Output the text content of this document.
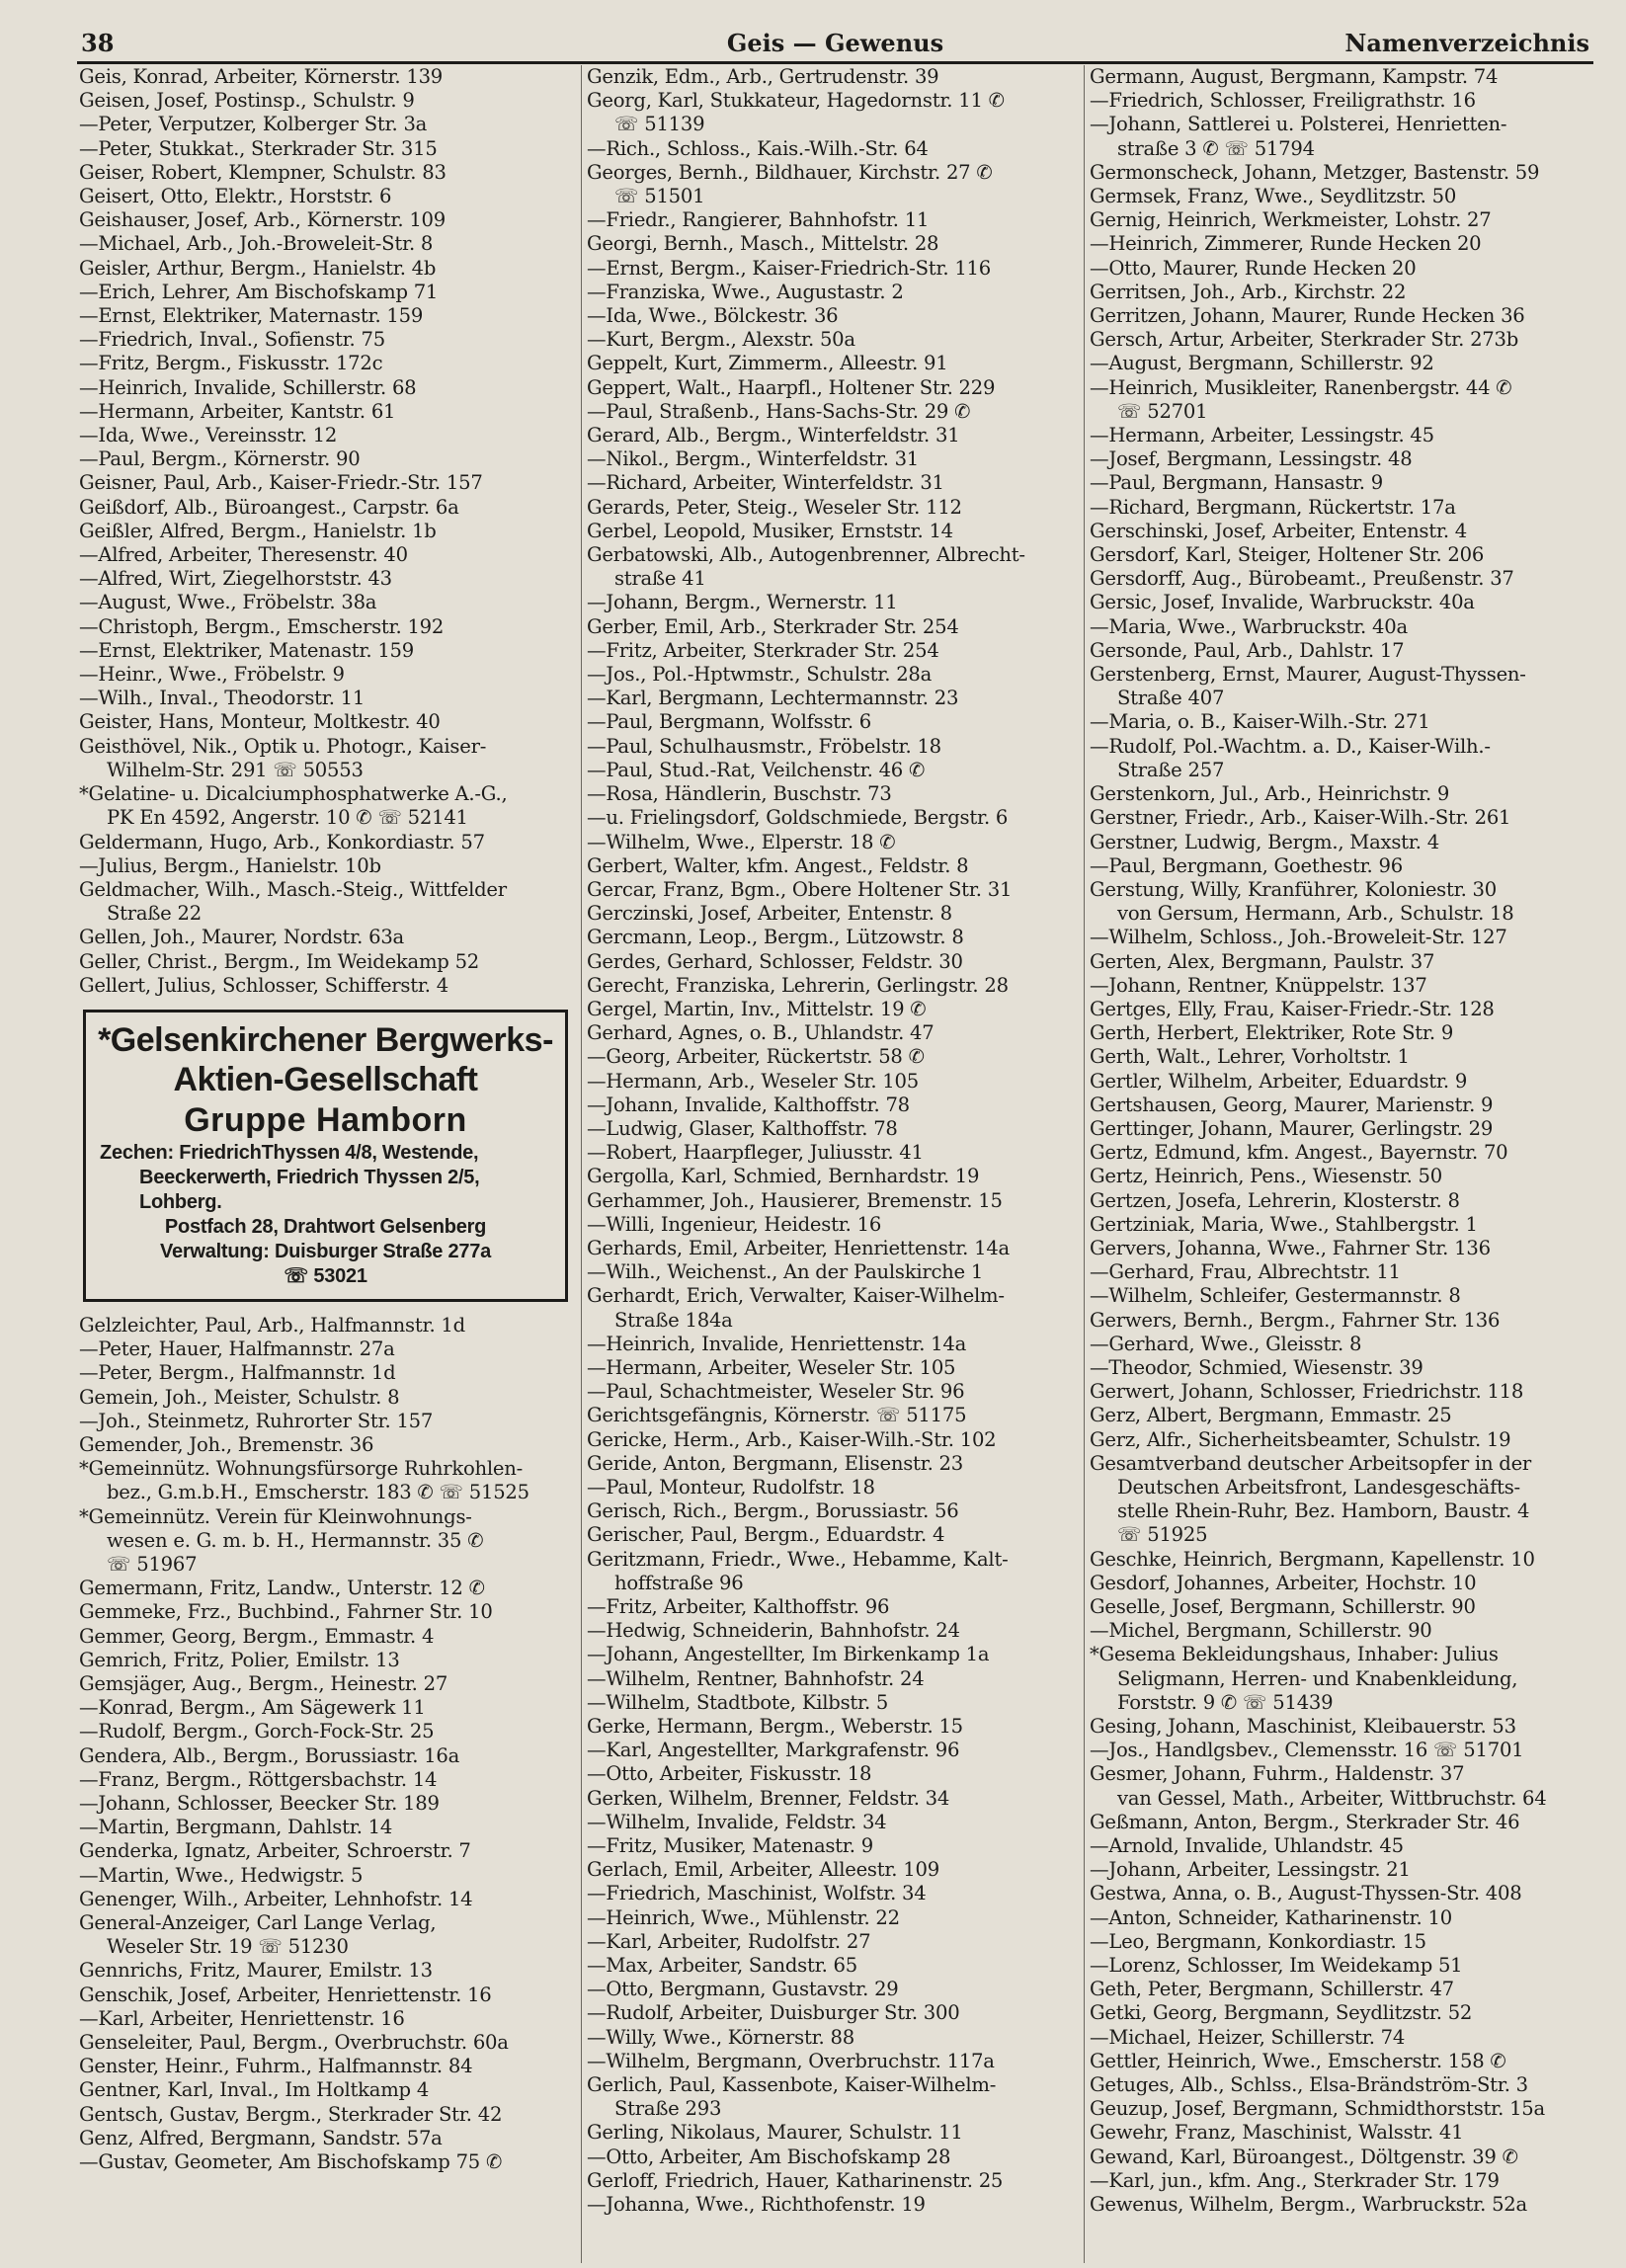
38	Geis — Gewenus	Namenverzeichnis
Geis, Konrad, Arbeiter, Körnerstr. 139
Geisen, Josef, Postinsp., Schulstr. 9
—Peter, Verputzer, Kolberger Str. 3a
—Peter, Stukkat., Sterkrader Str. 315
Geiser, Robert, Klempner, Schulstr. 83
Geisert, Otto, Elektr., Horststr. 6
Geishauser, Josef, Arb., Körnerstr. 109
—Michael, Arb., Joh.-Broweleit-Str. 8
Geisler, Arthur, Bergm., Hanielstr. 4b
—Erich, Lehrer, Am Bischofskamp 71
—Ernst, Elektriker, Maternastr. 159
—Friedrich, Inval., Sofienstr. 75
—Fritz, Bergm., Fiskusstr. 172c
—Heinrich, Invalide, Schillerstr. 68
—Hermann, Arbeiter, Kantstr. 61
—Ida, Wwe., Vereinsstr. 12
—Paul, Bergm., Körnerstr. 90
Geisner, Paul, Arb., Kaiser-Friedr.-Str. 157
Geißdorf, Alb., Büroangest., Carpstr. 6a
Geißler, Alfred, Bergm., Hanielstr. 1b
—Alfred, Arbeiter, Theresenstr. 40
—Alfred, Wirt, Ziegelhorststr. 43
—August, Wwe., Fröbelstr. 38a
—Christoph, Bergm., Emscherstr. 192
—Ernst, Elektriker, Matenastr. 159
—Heinr., Wwe., Fröbelstr. 9
—Wilh., Inval., Theodorstr. 11
Geister, Hans, Monteur, Moltkestr. 40
Geisthövel, Nik., Optik u. Photogr., Kaiser-
Wilhelm-Str. 291 ☏ 50553
*Gelatine- u. Dicalciumphosphatwerke A.-G.,
PK En 4592, Angerstr. 10 ✆ ☏ 52141
Geldermann, Hugo, Arb., Konkordiastr. 57
—Julius, Bergm., Hanielstr. 10b
Geldmacher, Wilh., Masch.-Steig., Wittfelder
Straße 22
Gellen, Joh., Maurer, Nordstr. 63a
Geller, Christ., Bergm., Im Weidekamp 52
Gellert, Julius, Schlosser, Schifferstr. 4
*Gelsenkirchener Bergwerks-
Aktien-Gesellschaft
Gruppe Hamborn
Zechen: FriedrichThyssen 4/8, Westende,
Beeckerwerth, Friedrich Thyssen 2/5,
Lohberg.
Postfach 28, Drahtwort Gelsenberg
Verwaltung: Duisburger Straße 277a
☏ 53021
Gelzleichter, Paul, Arb., Halfmannstr. 1d
—Peter, Hauer, Halfmannstr. 27a
—Peter, Bergm., Halfmannstr. 1d
Gemein, Joh., Meister, Schulstr. 8
—Joh., Steinmetz, Ruhrorter Str. 157
Gemender, Joh., Bremenstr. 36
*Gemeinnütz. Wohnungsfürsorge Ruhrkohlen-
bez., G.m.b.H., Emscherstr. 183 ✆ ☏ 51525
*Gemeinnütz. Verein für Kleinwohnungs-
wesen e. G. m. b. H., Hermannstr. 35 ✆
☏ 51967
Gemermann, Fritz, Landw., Unterstr. 12 ✆
Gemmeke, Frz., Buchbind., Fahrner Str. 10
Gemmer, Georg, Bergm., Emmastr. 4
Gemrich, Fritz, Polier, Emilstr. 13
Gemsjäger, Aug., Bergm., Heinestr. 27
—Konrad, Bergm., Am Sägewerk 11
—Rudolf, Bergm., Gorch-Fock-Str. 25
Gendera, Alb., Bergm., Borussiastr. 16a
—Franz, Bergm., Röttgersbachstr. 14
—Johann, Schlosser, Beecker Str. 189
—Martin, Bergmann, Dahlstr. 14
Genderka, Ignatz, Arbeiter, Schroerstr. 7
—Martin, Wwe., Hedwigstr. 5
Genenger, Wilh., Arbeiter, Lehnhofstr. 14
General-Anzeiger, Carl Lange Verlag,
Weseler Str. 19 ☏ 51230
Gennrichs, Fritz, Maurer, Emilstr. 13
Genschik, Josef, Arbeiter, Henriettenstr. 16
—Karl, Arbeiter, Henriettenstr. 16
Genseleiter, Paul, Bergm., Overbruchstr. 60a
Genster, Heinr., Fuhrm., Halfmannstr. 84
Gentner, Karl, Inval., Im Holtkamp 4
Gentsch, Gustav, Bergm., Sterkrader Str. 42
Genz, Alfred, Bergmann, Sandstr. 57a
—Gustav, Geometer, Am Bischofskamp 75 ✆
Genzik, Edm., Arb., Gertrudenstr. 39
Georg, Karl, Stukkateur, Hagedornstr. 11 ✆
☏ 51139
—Rich., Schloss., Kais.-Wilh.-Str. 64
Georges, Bernh., Bildhauer, Kirchstr. 27 ✆
☏ 51501
—Friedr., Rangierer, Bahnhofstr. 11
Georgi, Bernh., Masch., Mittelstr. 28
—Ernst, Bergm., Kaiser-Friedrich-Str. 116
—Franziska, Wwe., Augustastr. 2
—Ida, Wwe., Bölckestr. 36
—Kurt, Bergm., Alexstr. 50a
Geppelt, Kurt, Zimmerm., Alleestr. 91
Geppert, Walt., Haarpfl., Holtener Str. 229
—Paul, Straßenb., Hans-Sachs-Str. 29 ✆
Gerard, Alb., Bergm., Winterfeldstr. 31
—Nikol., Bergm., Winterfeldstr. 31
—Richard, Arbeiter, Winterfeldstr. 31
Gerards, Peter, Steig., Weseler Str. 112
Gerbel, Leopold, Musiker, Ernststr. 14
Gerbatowski, Alb., Autogenbrenner, Albrecht-
straße 41
—Johann, Bergm., Wernerstr. 11
Gerber, Emil, Arb., Sterkrader Str. 254
—Fritz, Arbeiter, Sterkrader Str. 254
—Jos., Pol.-Hptwmstr., Schulstr. 28a
—Karl, Bergmann, Lechtermannstr. 23
—Paul, Bergmann, Wolfsstr. 6
—Paul, Schulhausmstr., Fröbelstr. 18
—Paul, Stud.-Rat, Veilchenstr. 46 ✆
—Rosa, Händlerin, Buschstr. 73
—u. Frielingsdorf, Goldschmiede, Bergstr. 6
—Wilhelm, Wwe., Elperstr. 18 ✆
Gerbert, Walter, kfm. Angest., Feldstr. 8
Gercar, Franz, Bgm., Obere Holtener Str. 31
Gerczinski, Josef, Arbeiter, Entenstr. 8
Gercmann, Leop., Bergm., Lützowstr. 8
Gerdes, Gerhard, Schlosser, Feldstr. 30
Gerecht, Franziska, Lehrerin, Gerlingstr. 28
Gergel, Martin, Inv., Mittelstr. 19 ✆
Gerhard, Agnes, o. B., Uhlandstr. 47
—Georg, Arbeiter, Rückertstr. 58 ✆
—Hermann, Arb., Weseler Str. 105
—Johann, Invalide, Kalthoffstr. 78
—Ludwig, Glaser, Kalthoffstr. 78
—Robert, Haarpfleger, Juliusstr. 41
Gergolla, Karl, Schmied, Bernhardstr. 19
Gerhammer, Joh., Hausierer, Bremenstr. 15
—Willi, Ingenieur, Heidestr. 16
Gerhards, Emil, Arbeiter, Henriettenstr. 14a
—Wilh., Weichenst., An der Paulskirche 1
Gerhardt, Erich, Verwalter, Kaiser-Wilhelm-
Straße 184a
—Heinrich, Invalide, Henriettenstr. 14a
—Hermann, Arbeiter, Weseler Str. 105
—Paul, Schachtmeister, Weseler Str. 96
Gerichtsgefängnis, Körnerstr. ☏ 51175
Gericke, Herm., Arb., Kaiser-Wilh.-Str. 102
Geride, Anton, Bergmann, Elisenstr. 23
—Paul, Monteur, Rudolfstr. 18
Gerisch, Rich., Bergm., Borussiastr. 56
Gerischer, Paul, Bergm., Eduardstr. 4
Geritzmann, Friedr., Wwe., Hebamme, Kalt-
hoffstraße 96
—Fritz, Arbeiter, Kalthoffstr. 96
—Hedwig, Schneiderin, Bahnhofstr. 24
—Johann, Angestellter, Im Birkenkamp 1a
—Wilhelm, Rentner, Bahnhofstr. 24
—Wilhelm, Stadtbote, Kilbstr. 5
Gerke, Hermann, Bergm., Weberstr. 15
—Karl, Angestellter, Markgrafenstr. 96
—Otto, Arbeiter, Fiskusstr. 18
Gerken, Wilhelm, Brenner, Feldstr. 34
—Wilhelm, Invalide, Feldstr. 34
—Fritz, Musiker, Matenastr. 9
Gerlach, Emil, Arbeiter, Alleestr. 109
—Friedrich, Maschinist, Wolfstr. 34
—Heinrich, Wwe., Mühlenstr. 22
—Karl, Arbeiter, Rudolfstr. 27
—Max, Arbeiter, Sandstr. 65
—Otto, Bergmann, Gustavstr. 29
—Rudolf, Arbeiter, Duisburger Str. 300
—Willy, Wwe., Körnerstr. 88
—Wilhelm, Bergmann, Overbruchstr. 117a
Gerlich, Paul, Kassenbote, Kaiser-Wilhelm-
Straße 293
Gerling, Nikolaus, Maurer, Schulstr. 11
—Otto, Arbeiter, Am Bischofskamp 28
Gerloff, Friedrich, Hauer, Katharinenstr. 25
—Johanna, Wwe., Richthofenstr. 19
Germann, August, Bergmann, Kampstr. 74
—Friedrich, Schlosser, Freiligrathstr. 16
—Johann, Sattlerei u. Polsterei, Henrietten-
straße 3 ✆ ☏ 51794
Germonscheck, Johann, Metzger, Bastenstr. 59
Germsek, Franz, Wwe., Seydlitzstr. 50
Gernig, Heinrich, Werkmeister, Lohstr. 27
—Heinrich, Zimmerer, Runde Hecken 20
—Otto, Maurer, Runde Hecken 20
Gerritsen, Joh., Arb., Kirchstr. 22
Gerritzen, Johann, Maurer, Runde Hecken 36
Gersch, Artur, Arbeiter, Sterkrader Str. 273b
—August, Bergmann, Schillerstr. 92
—Heinrich, Musikleiter, Ranenbergstr. 44 ✆
☏ 52701
—Hermann, Arbeiter, Lessingstr. 45
—Josef, Bergmann, Lessingstr. 48
—Paul, Bergmann, Hansastr. 9
—Richard, Bergmann, Rückertstr. 17a
Gerschinski, Josef, Arbeiter, Entenstr. 4
Gersdorf, Karl, Steiger, Holtener Str. 206
Gersdorff, Aug., Bürobeamt., Preußenstr. 37
Gersic, Josef, Invalide, Warbruckstr. 40a
—Maria, Wwe., Warbruckstr. 40a
Gersonde, Paul, Arb., Dahlstr. 17
Gerstenberg, Ernst, Maurer, August-Thyssen-
Straße 407
—Maria, o. B., Kaiser-Wilh.-Str. 271
—Rudolf, Pol.-Wachtm. a. D., Kaiser-Wilh.-
Straße 257
Gerstenkorn, Jul., Arb., Heinrichstr. 9
Gerstner, Friedr., Arb., Kaiser-Wilh.-Str. 261
Gerstner, Ludwig, Bergm., Maxstr. 4
—Paul, Bergmann, Goethestr. 96
Gerstung, Willy, Kranführer, Koloniestr. 30
von Gersum, Hermann, Arb., Schulstr. 18
—Wilhelm, Schloss., Joh.-Broweleit-Str. 127
Gerten, Alex, Bergmann, Paulstr. 37
—Johann, Rentner, Knüppelstr. 137
Gertges, Elly, Frau, Kaiser-Friedr.-Str. 128
Gerth, Herbert, Elektriker, Rote Str. 9
Gerth, Walt., Lehrer, Vorholtstr. 1
Gertler, Wilhelm, Arbeiter, Eduardstr. 9
Gertshausen, Georg, Maurer, Marienstr. 9
Gerttinger, Johann, Maurer, Gerlingstr. 29
Gertz, Edmund, kfm. Angest., Bayernstr. 70
Gertz, Heinrich, Pens., Wiesenstr. 50
Gertzen, Josefa, Lehrerin, Klosterstr. 8
Gertziniak, Maria, Wwe., Stahlbergstr. 1
Gervers, Johanna, Wwe., Fahrner Str. 136
—Gerhard, Frau, Albrechtstr. 11
—Wilhelm, Schleifer, Gestermannstr. 8
Gerwers, Bernh., Bergm., Fahrner Str. 136
—Gerhard, Wwe., Gleisstr. 8
—Theodor, Schmied, Wiesenstr. 39
Gerwert, Johann, Schlosser, Friedrichstr. 118
Gerz, Albert, Bergmann, Emmastr. 25
Gerz, Alfr., Sicherheitsbeamter, Schulstr. 19
Gesamtverband deutscher Arbeitsopfer in der
Deutschen Arbeitsfront, Landesgeschäfts-
stelle Rhein-Ruhr, Bez. Hamborn, Baustr. 4
☏ 51925
Geschke, Heinrich, Bergmann, Kapellenstr. 10
Gesdorf, Johannes, Arbeiter, Hochstr. 10
Geselle, Josef, Bergmann, Schillerstr. 90
—Michel, Bergmann, Schillerstr. 90
*Gesema Bekleidungshaus, Inhaber: Julius
Seligmann, Herren- und Knabenkleidung,
Forststr. 9 ✆ ☏ 51439
Gesing, Johann, Maschinist, Kleibauerstr. 53
—Jos., Handlgsbev., Clemensstr. 16 ☏ 51701
Gesmer, Johann, Fuhrm., Haldenstr. 37
van Gessel, Math., Arbeiter, Wittbruchstr. 64
Geßmann, Anton, Bergm., Sterkrader Str. 46
—Arnold, Invalide, Uhlandstr. 45
—Johann, Arbeiter, Lessingstr. 21
Gestwa, Anna, o. B., August-Thyssen-Str. 408
—Anton, Schneider, Katharinenstr. 10
—Leo, Bergmann, Konkordiastr. 15
—Lorenz, Schlosser, Im Weidekamp 51
Geth, Peter, Bergmann, Schillerstr. 47
Getki, Georg, Bergmann, Seydlitzstr. 52
—Michael, Heizer, Schillerstr. 74
Gettler, Heinrich, Wwe., Emscherstr. 158 ✆
Getuges, Alb., Schlss., Elsa-Brändström-Str. 3
Geuzup, Josef, Bergmann, Schmidthorststr. 15a
Gewehr, Franz, Maschinist, Walsstr. 41
Gewand, Karl, Büroangest., Döltgenstr. 39 ✆
—Karl, jun., kfm. Ang., Sterkrader Str. 179
Gewenus, Wilhelm, Bergm., Warbruckstr. 52a
